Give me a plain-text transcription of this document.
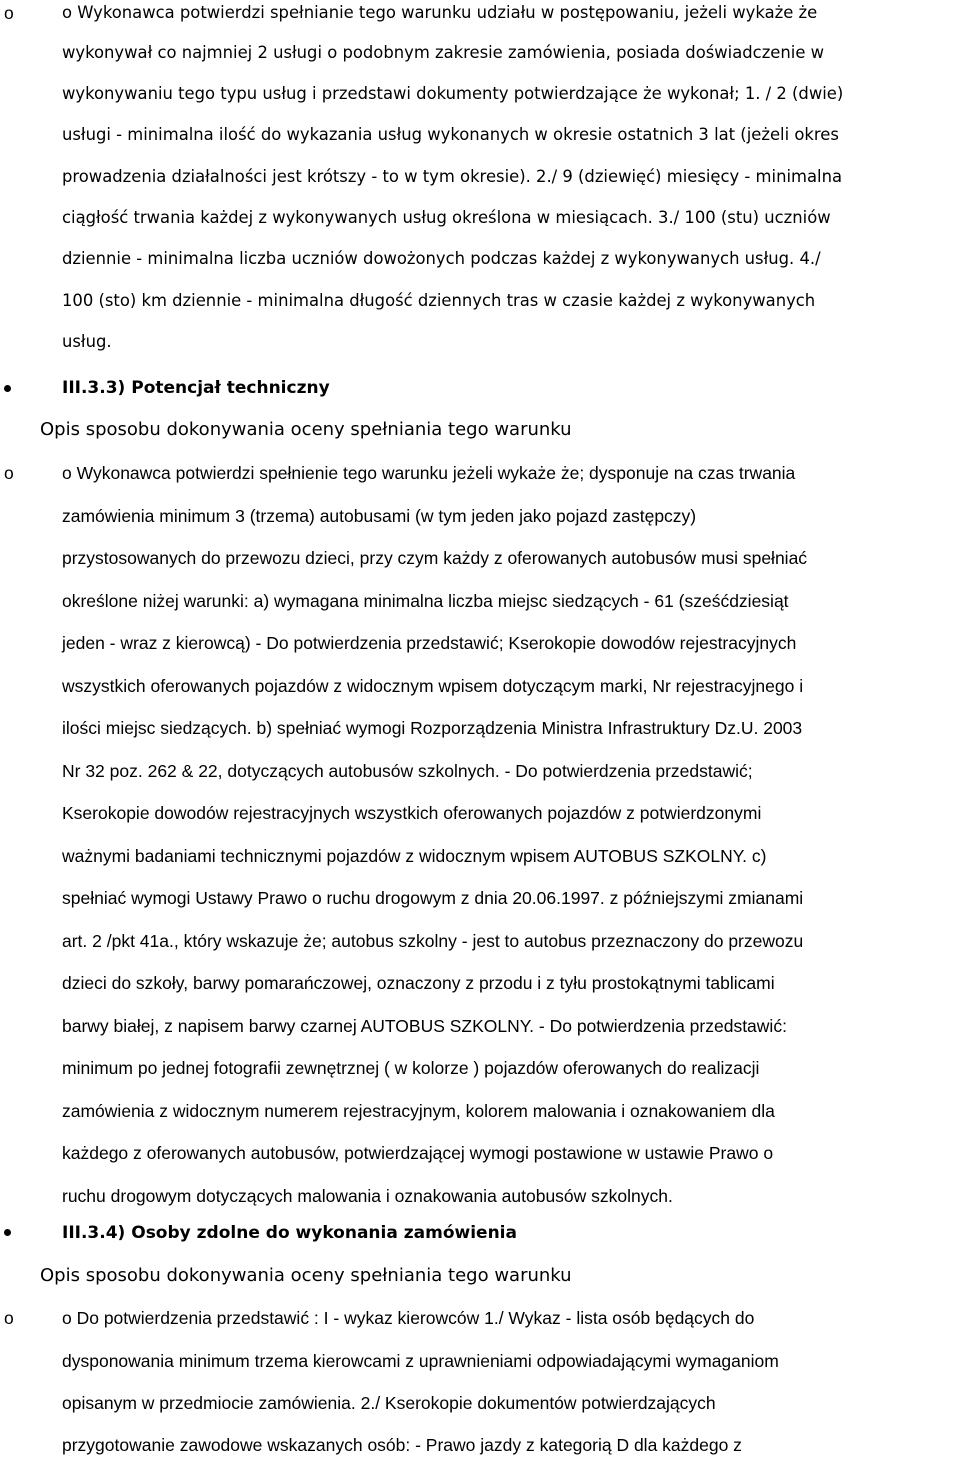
o	o Wykonawca potwierdzi spełnianie tego warunku udziału w postępowaniu, jeżeli wykaże że
wykonywał co najmniej 2 usługi o podobnym zakresie zamówienia, posiada doświadczenie w
wykonywaniu tego typu usług i przedstawi dokumenty potwierdzające że wykonał; 1. / 2 (dwie)
usługi - minimalna ilość do wykazania usług wykonanych w okresie ostatnich 3 lat (jeżeli okres
prowadzenia działalności jest krótszy - to w tym okresie). 2./ 9 (dziewięć) miesięcy - minimalna
ciągłość trwania każdej z wykonywanych usług określona w miesiącach. 3./ 100 (stu) uczniów
dziennie - minimalna liczba uczniów dowożonych podczas każdej z wykonywanych usług. 4./
100 (sto) km dziennie - minimalna długość dziennych tras w czasie każdej z wykonywanych
usług.
III.3.3) Potencjał techniczny
Opis sposobu dokonywania oceny spełniania tego warunku
o	o Wykonawca potwierdzi spełnienie tego warunku jeżeli wykaże że; dysponuje na czas trwania
zamówienia minimum 3 (trzema) autobusami (w tym jeden jako pojazd zastępczy)
przystosowanych do przewozu dzieci, przy czym każdy z oferowanych autobusów musi spełniać
określone niżej warunki: a) wymagana minimalna liczba miejsc siedzących - 61 (sześćdziesiąt
jeden - wraz z kierowcą) - Do potwierdzenia przedstawić; Kserokopie dowodów rejestracyjnych
wszystkich oferowanych pojazdów z widocznym wpisem dotyczącym marki, Nr rejestracyjnego i
ilości miejsc siedzących. b) spełniać wymogi Rozporządzenia Ministra Infrastruktury Dz.U. 2003
Nr 32 poz. 262 & 22, dotyczących autobusów szkolnych. - Do potwierdzenia przedstawić;
Kserokopie dowodów rejestracyjnych wszystkich oferowanych pojazdów z potwierdzonymi
ważnymi badaniami technicznymi pojazdów z widocznym wpisem AUTOBUS SZKOLNY. c)
spełniać wymogi Ustawy Prawo o ruchu drogowym z dnia 20.06.1997. z późniejszymi zmianami
art. 2 /pkt 41a., który wskazuje że; autobus szkolny - jest to autobus przeznaczony do przewozu
dzieci do szkoły, barwy pomarańczowej, oznaczony z przodu i z tyłu prostokątnymi tablicami
barwy białej, z napisem barwy czarnej AUTOBUS SZKOLNY. - Do potwierdzenia przedstawić:
minimum po jednej fotografii zewnętrznej ( w kolorze ) pojazdów oferowanych do realizacji
zamówienia z widocznym numerem rejestracyjnym, kolorem malowania i oznakowaniem dla
każdego z oferowanych autobusów, potwierdzającej wymogi postawione w ustawie Prawo o
ruchu drogowym dotyczących malowania i oznakowania autobusów szkolnych.
III.3.4) Osoby zdolne do wykonania zamówienia
Opis sposobu dokonywania oceny spełniania tego warunku
o	o Do potwierdzenia przedstawić : I - wykaz kierowców 1./ Wykaz - lista osób będących do
dysponowania minimum trzema kierowcami z uprawnieniami odpowiadającymi wymaganiom
opisanym w przedmiocie zamówienia. 2./ Kserokopie dokumentów potwierdzających
przygotowanie zawodowe wskazanych osób: - Prawo jazdy z kategorią D dla każdego z
